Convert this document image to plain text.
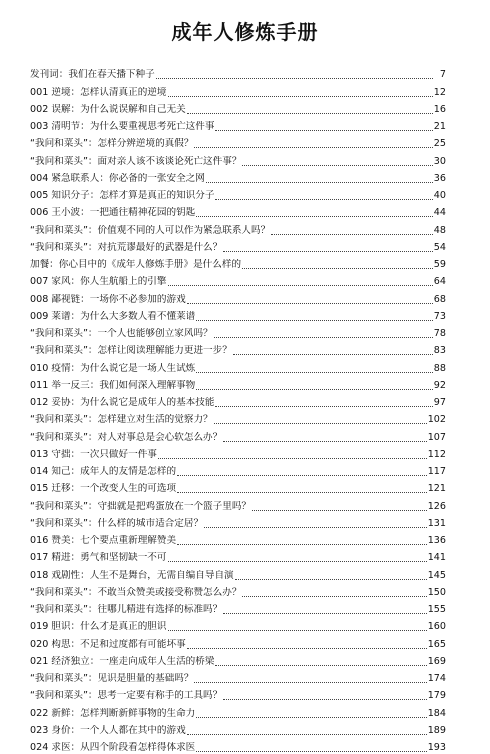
成年人修炼手册
发刊词：我们在春天播下种子	7
001 逆境：怎样认清真正的逆境	12
002 误解：为什么说误解和自己无关	16
003 清明节：为什么要重视思考死亡这件事	21
“我问和菜头”：怎样分辨逆境的真假？	25
“我问和菜头”：面对亲人该不该谈论死亡这件事？	30
004 紧急联系人：你必备的一张安全之网	36
005 知识分子：怎样才算是真正的知识分子	40
006 王小波：一把通往精神花园的钥匙	44
“我问和菜头”：价值观不同的人可以作为紧急联系人吗？	48
“我问和菜头”：对抗荒谬最好的武器是什么？	54
加餐：你心目中的《成年人修炼手册》是什么样的	59
007 家风：你人生航船上的引擎	64
008 鄙视链：一场你不必参加的游戏	68
009 莱谱：为什么大多数人看不懂莱谱	73
“我问和菜头”：一个人也能够创立家风吗？	78
“我问和菜头”：怎样让阅读理解能力更进一步？	83
010 疫情：为什么说它是一场人生试炼	88
011 举一反三：我们如何深入理解事物	92
012 妥协：为什么说它是成年人的基本技能	97
“我问和菜头”：怎样建立对生活的觉察力？	102
“我问和菜头”：对人对事总是会心软怎么办？	107
013 守拙：一次只做好一件事	112
014 知己：成年人的友情是怎样的	117
015 迁移：一个改变人生的可选项	121
“我问和菜头”：守拙就是把鸡蛋放在一个篮子里吗？	126
“我问和菜头”：什么样的城市适合定居？	131
016 赞美：七个要点重新理解赞美	136
017 精进：勇气和坚韧缺一不可	141
018 戏剧性：人生不是舞台，无需自编自导自演	145
“我问和菜头”：不敢当众赞美或接受称赞怎么办？	150
“我问和菜头”：往哪儿精进有选择的标准吗？	155
019 胆识：什么才是真正的胆识	160
020 构思：不足和过度都有可能坏事	165
021 经济独立：一座走向成年人生活的桥梁	169
“我问和菜头”：见识是胆量的基础吗？	174
“我问和菜头”：思考一定要有称手的工具吗？	179
022 新鲜：怎样判断新鲜事物的生命力	184
023 身价：一个人人都在其中的游戏	189
024 求医：从四个阶段看怎样得体求医	193
